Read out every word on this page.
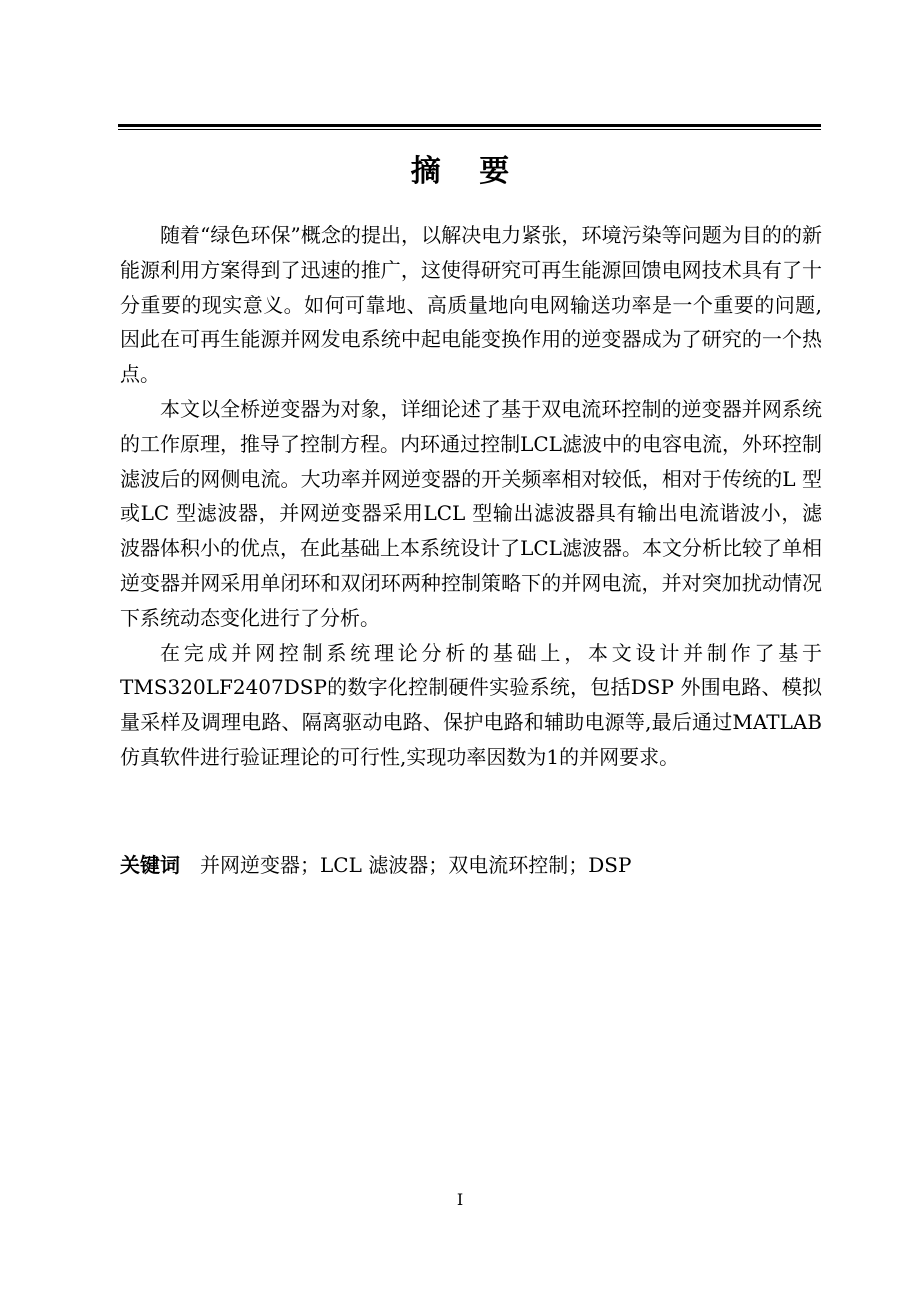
摘 要

随着“绿色环保”概念的提出，以解决电力紧张，环境污染等问题为目的的新能源利用方案得到了迅速的推广，这使得研究可再生能源回馈电网技术具有了十分重要的现实意义。如何可靠地、高质量地向电网输送功率是一个重要的问题,因此在可再生能源并网发电系统中起电能变换作用的逆变器成为了研究的一个热点。

本文以全桥逆变器为对象，详细论述了基于双电流环控制的逆变器并网系统的工作原理，推导了控制方程。内环通过控制LCL滤波中的电容电流，外环控制滤波后的网侧电流。大功率并网逆变器的开关频率相对较低，相对于传统的L 型或LC 型滤波器，并网逆变器采用LCL 型输出滤波器具有输出电流谐波小，滤波器体积小的优点，在此基础上本系统设计了LCL滤波器。本文分析比较了单相逆变器并网采用单闭环和双闭环两种控制策略下的并网电流，并对突加扰动情况下系统动态变化进行了分析。

在完成并网控制系统理论分析的基础上，本文设计并制作了基于TMS320LF2407DSP的数字化控制硬件实验系统，包括DSP 外围电路、模拟量采样及调理电路、隔离驱动电路、保护电路和辅助电源等,最后通过MATLAB仿真软件进行验证理论的可行性,实现功率因数为1的并网要求。

关键词 并网逆变器；LCL 滤波器；双电流环控制；DSP
I
